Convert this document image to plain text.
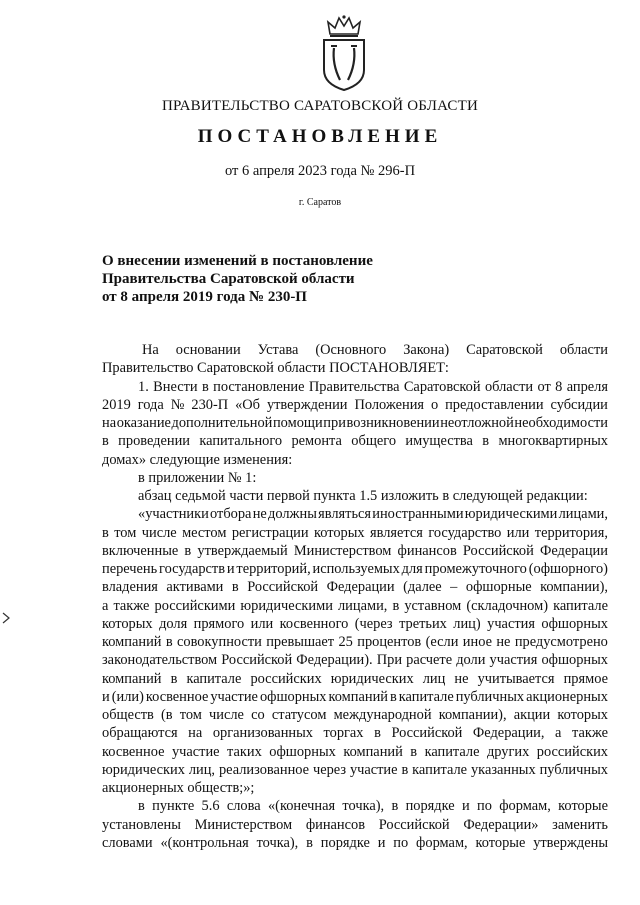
ПРАВИТЕЛЬСТВО САРАТОВСКОЙ ОБЛАСТИ
ПОСТАНОВЛЕНИЕ
от 6 апреля 2023 года № 296-П
г. Саратов
О внесении изменений в постановление
Правительства Саратовской области
от 8 апреля 2019 года № 230-П
На основании Устава (Основного Закона) Саратовской области
Правительство Саратовской области ПОСТАНОВЛЯЕТ:
1. Внести в постановление Правительства Саратовской области от 8 апреля
2019 года № 230-П «Об утверждении Положения о предоставлении субсидии
на оказание дополнительной помощи при возникновении неотложной необходимости
в проведении капитального ремонта общего имущества в многоквартирных
домах» следующие изменения:
в приложении № 1:
абзац седьмой части первой пункта 1.5 изложить в следующей редакции:
«участники отбора не должны являться иностранными юридическими лицами,
в том числе местом регистрации которых является государство или территория,
включенные в утверждаемый Министерством финансов Российской Федерации
перечень государств и территорий, используемых для промежуточного (офшорного)
владения активами в Российской Федерации (далее – офшорные компании),
а также российскими юридическими лицами, в уставном (складочном) капитале
которых доля прямого или косвенного (через третьих лиц) участия офшорных
компаний в совокупности превышает 25 процентов (если иное не предусмотрено
законодательством Российской Федерации). При расчете доли участия офшорных
компаний в капитале российских юридических лиц не учитывается прямое
и (или) косвенное участие офшорных компаний в капитале публичных акционерных
обществ (в том числе со статусом международной компании), акции которых
обращаются на организованных торгах в Российской Федерации, а также
косвенное участие таких офшорных компаний в капитале других российских
юридических лиц, реализованное через участие в капитале указанных публичных
акционерных обществ;»;
в пункте 5.6 слова «(конечная точка), в порядке и по формам, которые
установлены Министерством финансов Российской Федерации» заменить
словами «(контрольная точка), в порядке и по формам, которые утверждены
